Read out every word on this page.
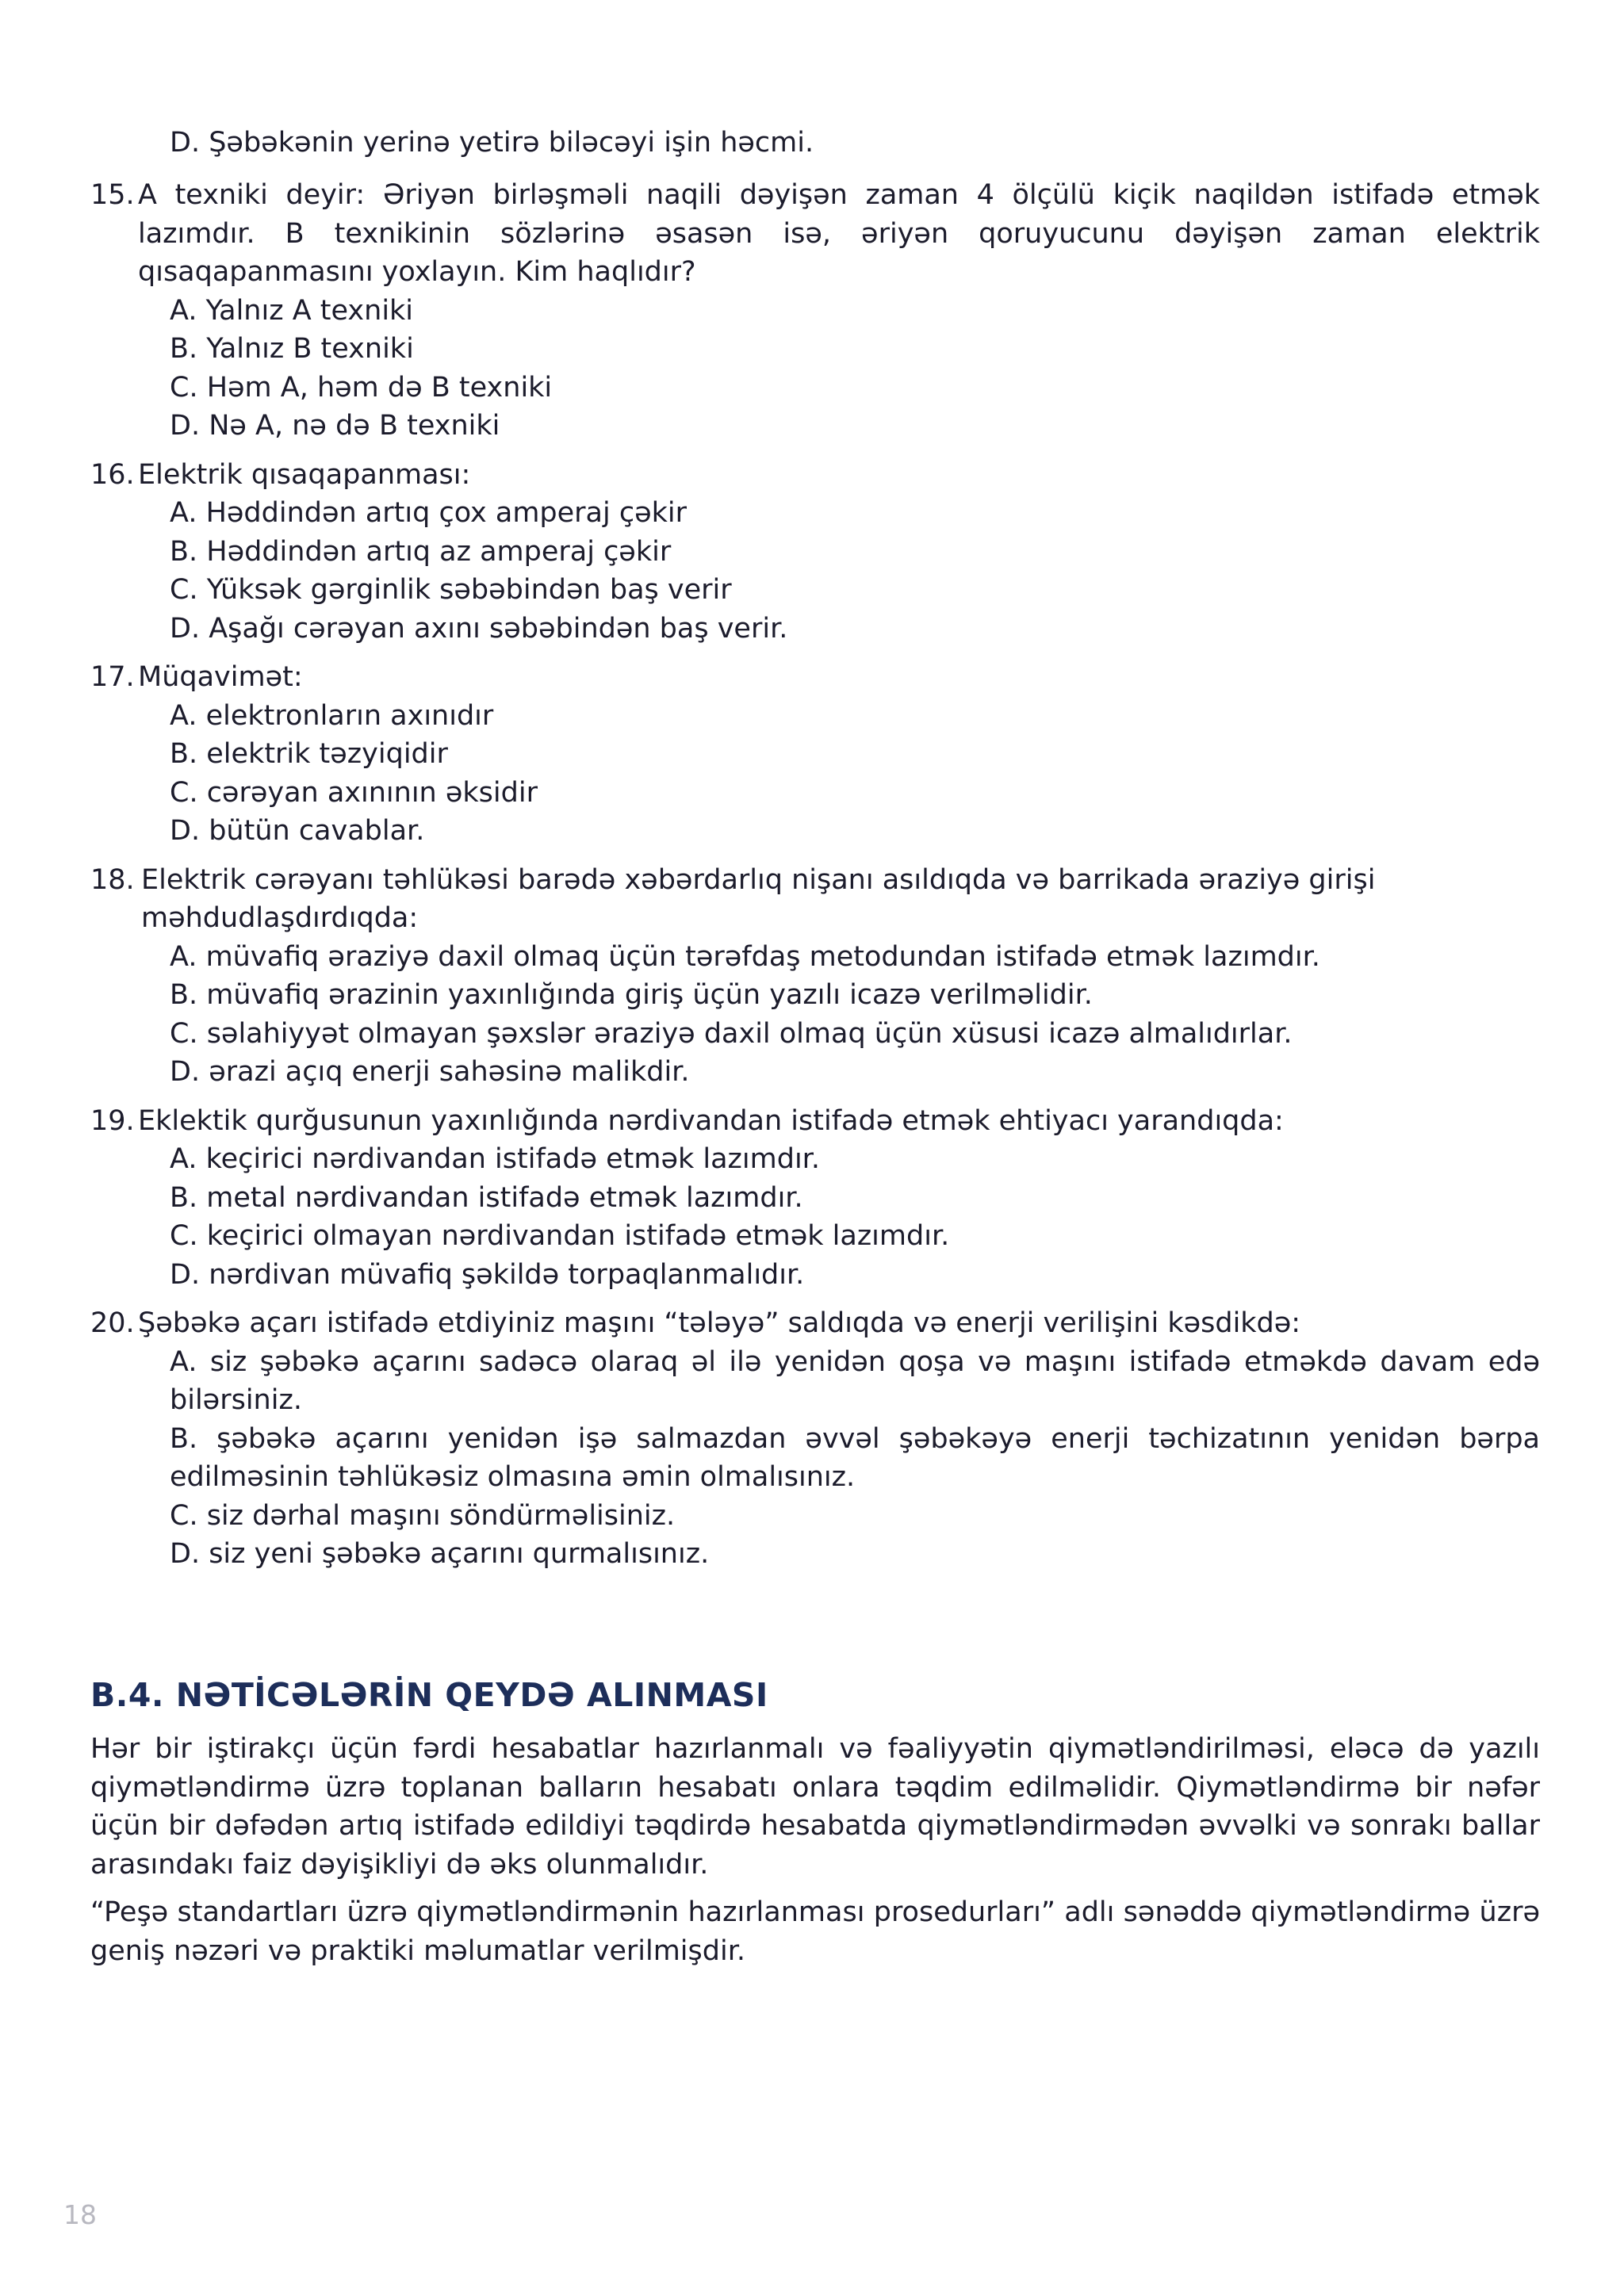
D. Şəbəkənin yerinə yetirə biləcəyi işin həcmi.
15. A texniki deyir: Əriyən birləşməli naqili dəyişən zaman 4 ölçülü kiçik naqildən istifadə etmək lazımdır. B texnikinin sözlərinə əsasən isə, əriyən qoruyucunu dəyişən zaman elektrik qısaqapanmasını yoxlayın. Kim haqlıdır?
A. Yalnız A texniki
B. Yalnız B texniki
C. Həm A, həm də B texniki
D. Nə A, nə də B texniki
16. Elektrik qısaqapanması:
A. Həddindən artıq çox amperaj çəkir
B. Həddindən artıq az amperaj çəkir
C. Yüksək gərginlik səbəbindən baş verir
D. Aşağı cərəyan axını səbəbindən baş verir.
17. Müqavimət:
A. elektronların axınıdır
B. elektrik təzyiqidir
C. cərəyan axınının əksidir
D. bütün cavablar.
18. Elektrik cərəyanı təhlükəsi barədə xəbərdarlıq nişanı asıldıqda və barrikada əraziyə girişi məhdudlaşdırdıqda:
A. müvafiq əraziyə daxil olmaq üçün tərəfdaş metodundan istifadə etmək lazımdır.
B. müvafiq ərazinin yaxınlığında giriş üçün yazılı icazə verilməlidir.
C. səlahiyyət olmayan şəxslər əraziyə daxil olmaq üçün xüsusi icazə almalıdırlar.
D. ərazi açıq enerji sahəsinə malikdir.
19. Eklektik qurğusunun yaxınlığında nərdivandan istifadə etmək ehtiyacı yarandıqda:
A. keçirici nərdivandan istifadə etmək lazımdır.
B. metal nərdivandan istifadə etmək lazımdır.
C. keçirici olmayan nərdivandan istifadə etmək lazımdır.
D. nərdivan müvafiq şəkildə torpaqlanmalıdır.
20. Şəbəkə açarı istifadə etdiyiniz maşını “tələyə” saldıqda və enerji verilişini kəsdikdə:
A. siz şəbəkə açarını sadəcə olaraq əl ilə yenidən qoşa və maşını istifadə etməkdə davam edə bilərsiniz.
B. şəbəkə açarını yenidən işə salmazdan əvvəl şəbəkəyə enerji təchizatının yenidən bərpa edilməsinin təhlükəsiz olmasına əmin olmalısınız.
C. siz dərhal maşını söndürməlisiniz.
D. siz yeni şəbəkə açarını qurmalısınız.
B.4. NƏTİCƏLƏRİN QEYDƏ ALINMASI

Hər bir iştirakçı üçün fərdi hesabatlar hazırlanmalı və fəaliyyətin qiymətləndirilməsi, eləcə də yazılı qiymətləndirmə üzrə toplanan balların hesabatı onlara təqdim edilməlidir. Qiymətləndirmə bir nəfər üçün bir dəfədən artıq istifadə edildiyi təqdirdə hesabatda qiymətləndirmədən əvvəlki və sonrakı ballar arasındakı faiz dəyişikliyi də əks olunmalıdır.

“Peşə standartları üzrə qiymətləndirmənin hazırlanması prosedurları” adlı sənəddə qiymətləndirmə üzrə geniş nəzəri və praktiki məlumatlar verilmişdir.

18
